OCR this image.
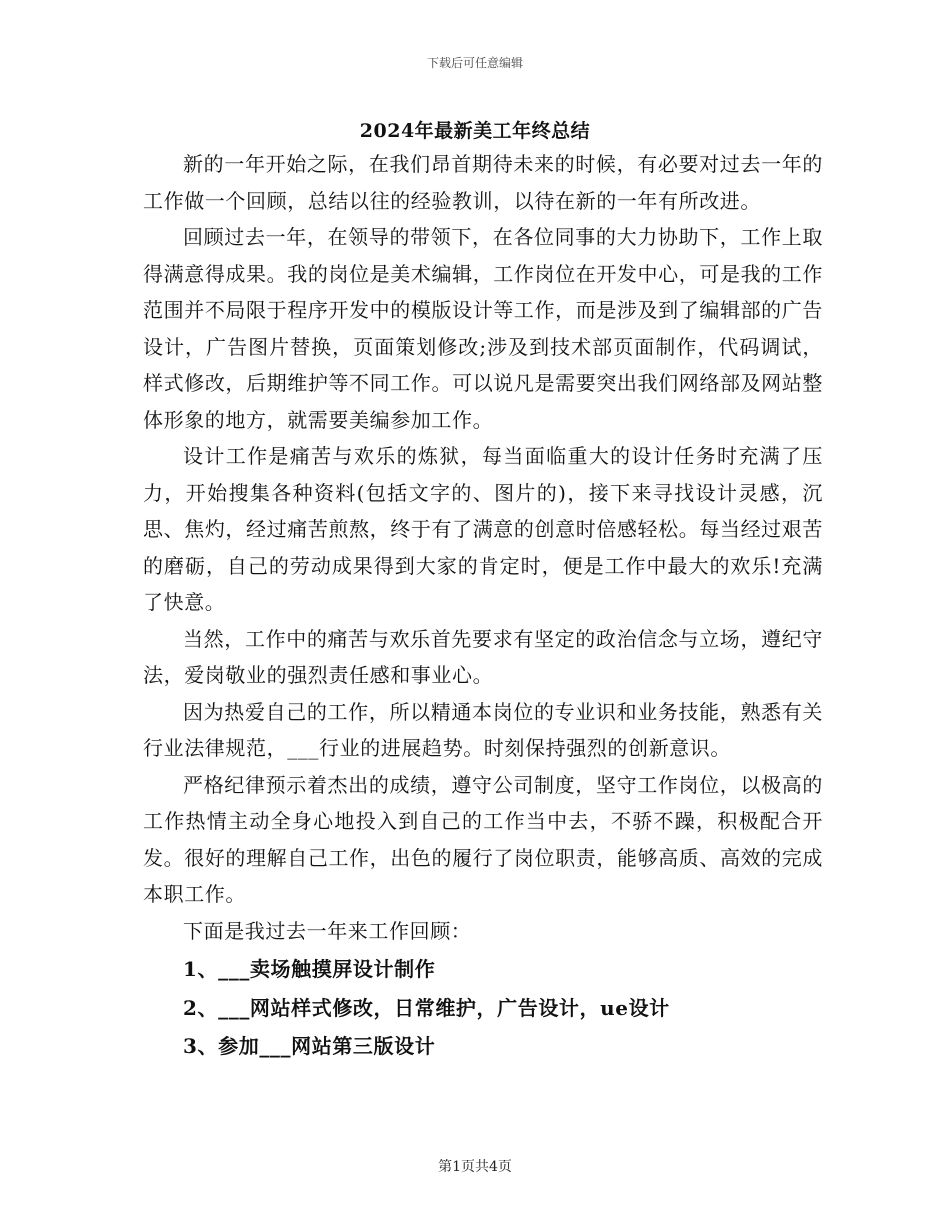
下载后可任意编辑
2024年最新美工年终总结

新的一年开始之际，在我们昂首期待未来的时候，有必要对过去一年的工作做一个回顾，总结以往的经验教训，以待在新的一年有所改进。

回顾过去一年，在领导的带领下，在各位同事的大力协助下，工作上取得满意得成果。我的岗位是美术编辑，工作岗位在开发中心，可是我的工作范围并不局限于程序开发中的模版设计等工作，而是涉及到了编辑部的广告设计，广告图片替换，页面策划修改;涉及到技术部页面制作，代码调试，样式修改，后期维护等不同工作。可以说凡是需要突出我们网络部及网站整体形象的地方，就需要美编参加工作。

设计工作是痛苦与欢乐的炼狱，每当面临重大的设计任务时充满了压力，开始搜集各种资料(包括文字的、图片的)，接下来寻找设计灵感，沉思、焦灼，经过痛苦煎熬，终于有了满意的创意时倍感轻松。每当经过艰苦的磨砺，自己的劳动成果得到大家的肯定时，便是工作中最大的欢乐!充满了快意。

当然，工作中的痛苦与欢乐首先要求有坚定的政治信念与立场，遵纪守法，爱岗敬业的强烈责任感和事业心。

因为热爱自己的工作，所以精通本岗位的专业识和业务技能，熟悉有关行业法律规范，___行业的进展趋势。时刻保持强烈的创新意识。

严格纪律预示着杰出的成绩，遵守公司制度，坚守工作岗位，以极高的工作热情主动全身心地投入到自己的工作当中去，不骄不躁，积极配合开发。很好的理解自己工作，出色的履行了岗位职责，能够高质、高效的完成本职工作。

下面是我过去一年来工作回顾：

1、___卖场触摸屏设计制作

2、___网站样式修改，日常维护，广告设计，ue设计

3、参加___网站第三版设计

第1页共4页
